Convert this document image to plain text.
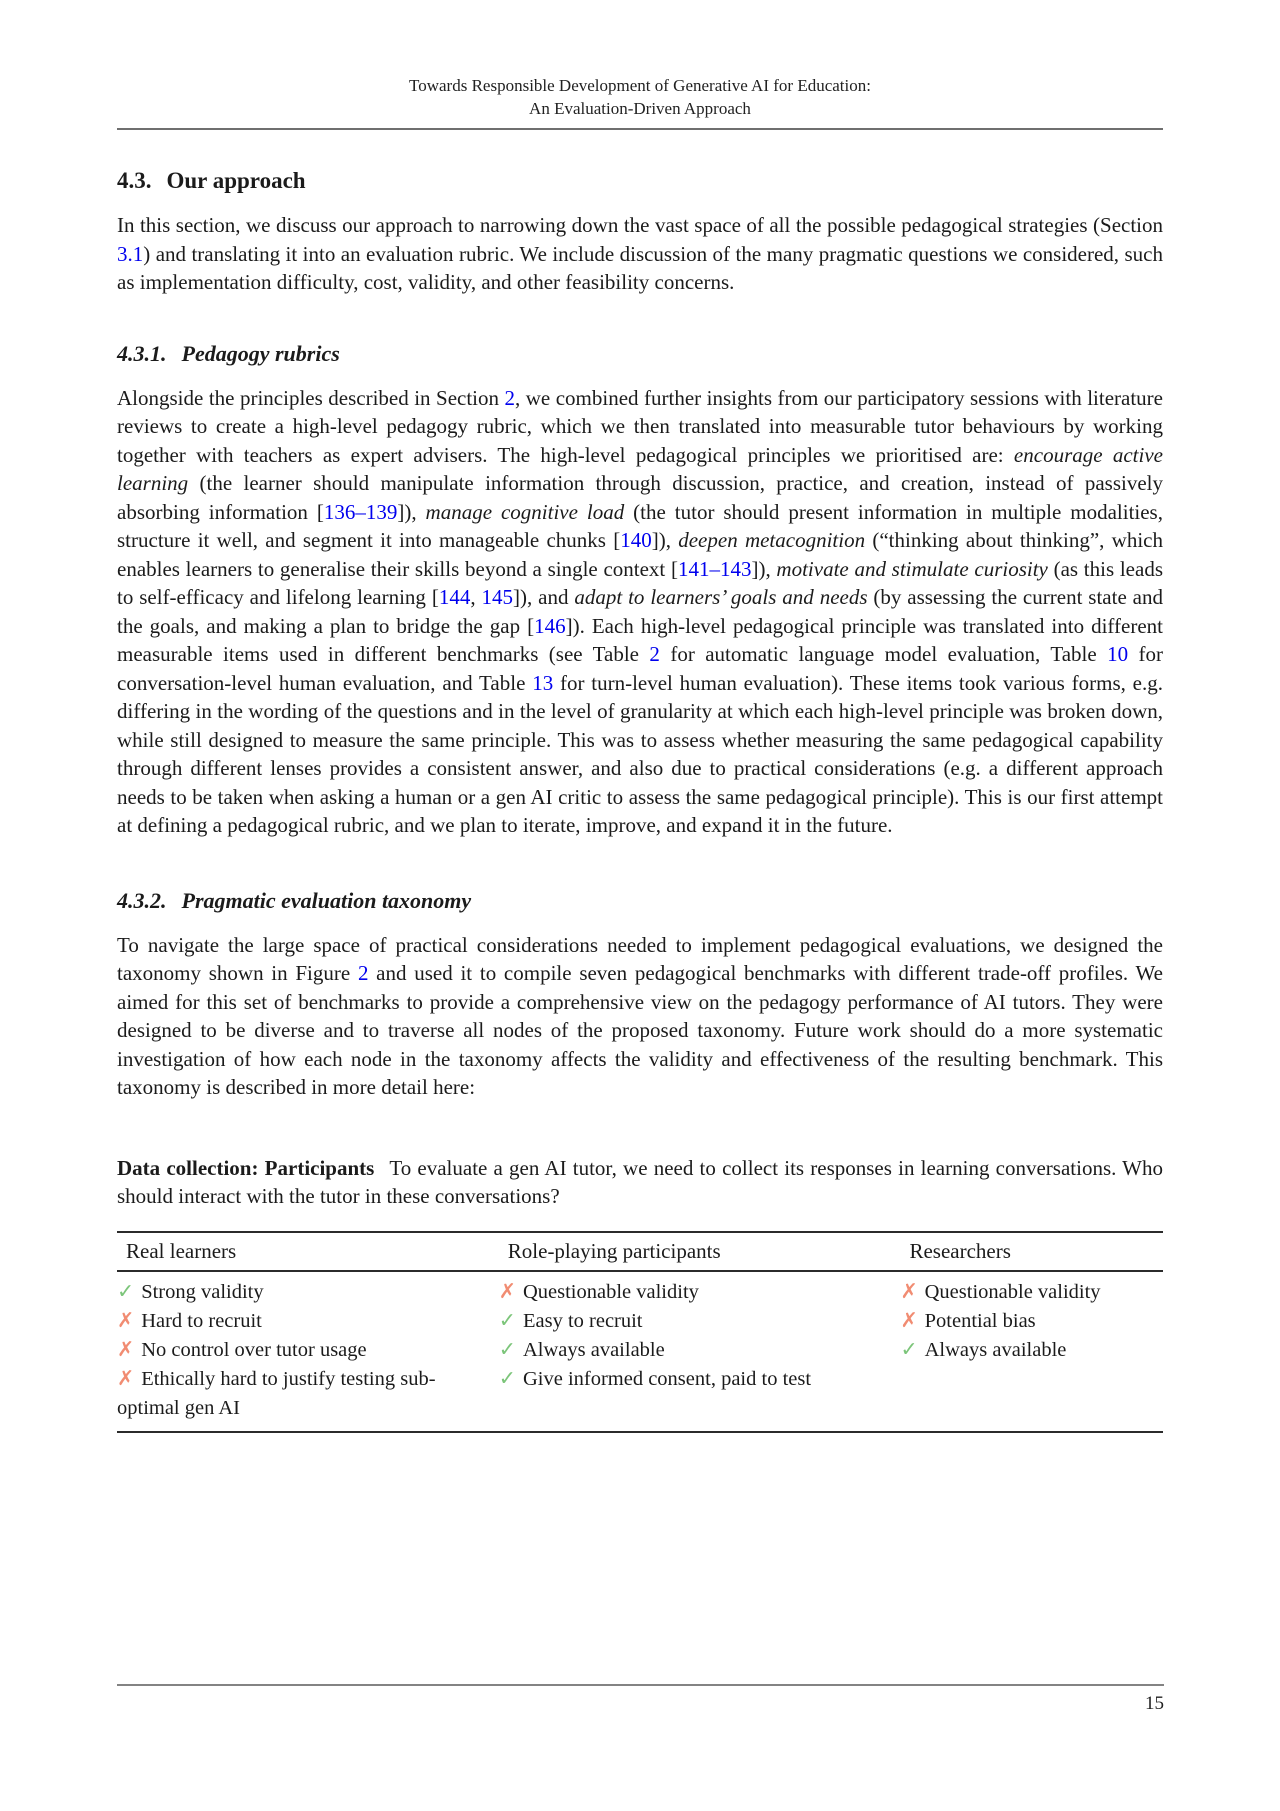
Towards Responsible Development of Generative AI for Education:
An Evaluation-Driven Approach
4.3. Our approach

In this section, we discuss our approach to narrowing down the vast space of all the possible pedagogical strategies (Section 3.1) and translating it into an evaluation rubric. We include discussion of the many pragmatic questions we considered, such as implementation difficulty, cost, validity, and other feasibility concerns.

4.3.1. Pedagogy rubrics

Alongside the principles described in Section 2, we combined further insights from our participatory sessions with literature reviews to create a high-level pedagogy rubric, which we then translated into measurable tutor behaviours by working together with teachers as expert advisers. The high-level pedagogical principles we prioritised are: encourage active learning (the learner should manipulate information through discussion, practice, and creation, instead of passively absorbing information [136–139]), manage cognitive load (the tutor should present information in multiple modalities, structure it well, and segment it into manageable chunks [140]), deepen metacognition (“thinking about thinking”, which enables learners to generalise their skills beyond a single context [141–143]), motivate and stimulate curiosity (as this leads to self-efficacy and lifelong learning [144, 145]), and adapt to learners’ goals and needs (by assessing the current state and the goals, and making a plan to bridge the gap [146]). Each high-level pedagogical principle was translated into different measurable items used in different benchmarks (see Table 2 for automatic language model evaluation, Table 10 for conversation-level human evaluation, and Table 13 for turn-level human evaluation). These items took various forms, e.g. differing in the wording of the questions and in the level of granularity at which each high-level principle was broken down, while still designed to measure the same principle. This was to assess whether measuring the same pedagogical capability through different lenses provides a consistent answer, and also due to practical considerations (e.g. a different approach needs to be taken when asking a human or a gen AI critic to assess the same pedagogical principle). This is our first attempt at defining a pedagogical rubric, and we plan to iterate, improve, and expand it in the future.

4.3.2. Pragmatic evaluation taxonomy

To navigate the large space of practical considerations needed to implement pedagogical evaluations, we designed the taxonomy shown in Figure 2 and used it to compile seven pedagogical benchmarks with different trade-off profiles. We aimed for this set of benchmarks to provide a comprehensive view on the pedagogy performance of AI tutors. They were designed to be diverse and to traverse all nodes of the proposed taxonomy. Future work should do a more systematic investigation of how each node in the taxonomy affects the validity and effectiveness of the resulting benchmark. This taxonomy is described in more detail here:

Data collection: Participants To evaluate a gen AI tutor, we need to collect its responses in learning conversations. Who should interact with the tutor in these conversations?

Real learners	Role-playing participants	Researchers

✓ Strong validity
✗ Hard to recruit
✗ No control over tutor usage
✗ Ethically hard to justify testing sub-optimal gen AI

✗ Questionable validity
✓ Easy to recruit
✓ Always available
✓ Give informed consent, paid to test

✗ Questionable validity
✗ Potential bias
✓ Always available
15
